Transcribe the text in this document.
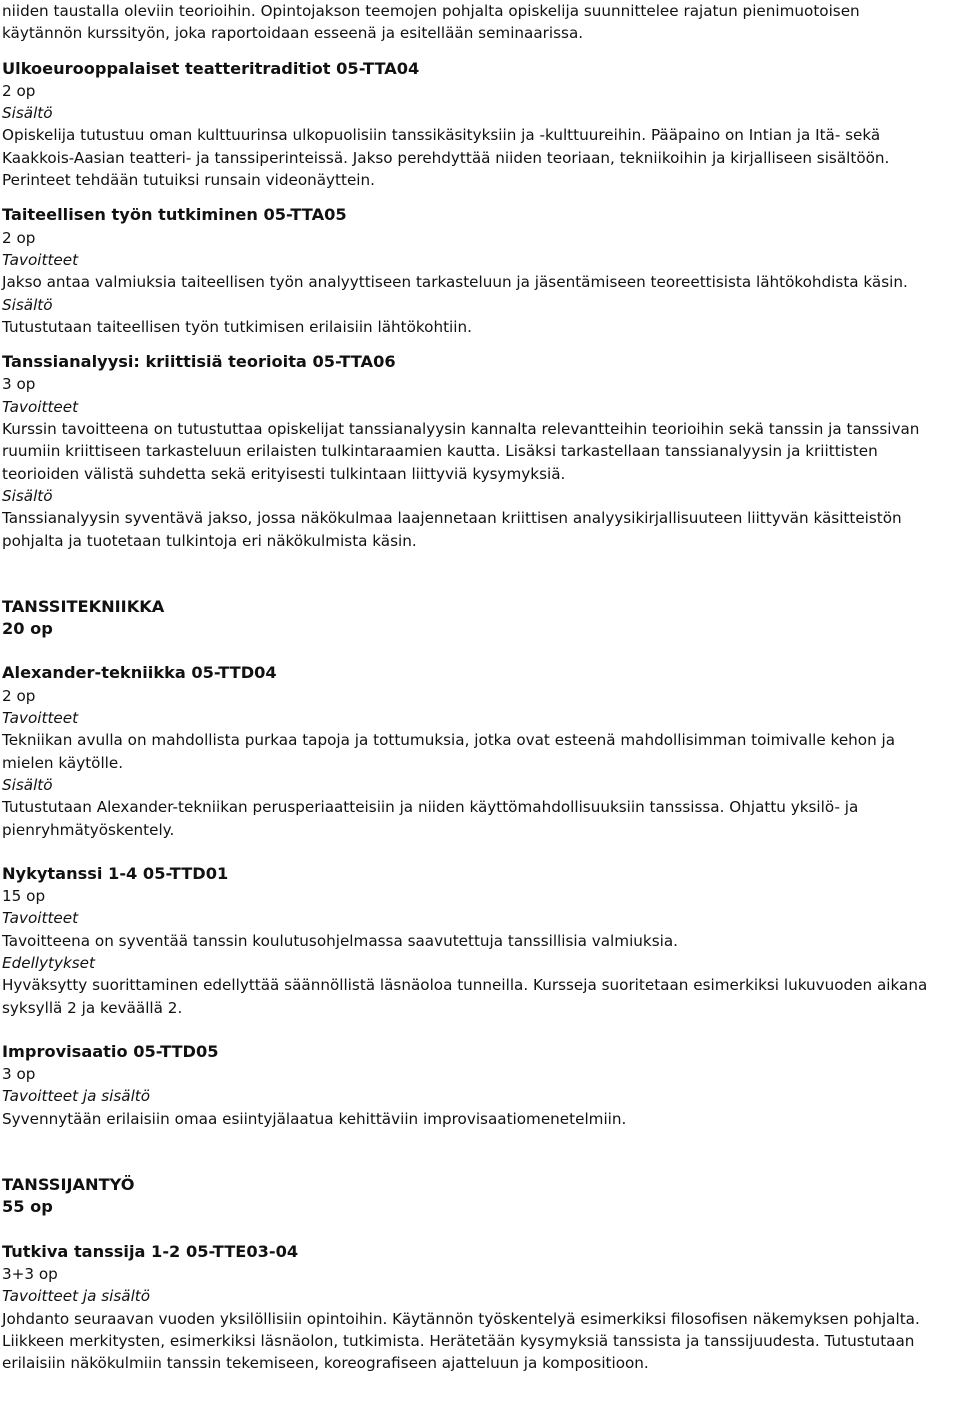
niiden taustalla oleviin teorioihin. Opintojakson teemojen pohjalta opiskelija suunnittelee rajatun pienimuotoisen

käytännön kurssityön, joka raportoidaan esseenä ja esitellään seminaarissa.

Ulkoeurooppalaiset teatteritraditiot 05-TTA04

2 op

Sisältö

Opiskelija tutustuu oman kulttuurinsa ulkopuolisiin tanssikäsityksiin ja -kulttuureihin. Pääpaino on Intian ja Itä- sekä

Kaakkois-Aasian teatteri- ja tanssiperinteissä. Jakso perehdyttää niiden teoriaan, tekniikoihin ja kirjalliseen sisältöön.

Perinteet tehdään tutuiksi runsain videonäyttein.

Taiteellisen työn tutkiminen 05-TTA05

2 op

Tavoitteet

Jakso antaa valmiuksia taiteellisen työn analyyttiseen tarkasteluun ja jäsentämiseen teoreettisista lähtökohdista käsin.

Sisältö

Tutustutaan taiteellisen työn tutkimisen erilaisiin lähtökohtiin.

Tanssianalyysi: kriittisiä teorioita 05-TTA06

3 op

Tavoitteet

Kurssin tavoitteena on tutustuttaa opiskelijat tanssianalyysin kannalta relevantteihin teorioihin sekä tanssin ja tanssivan

ruumiin kriittiseen tarkasteluun erilaisten tulkintaraamien kautta. Lisäksi tarkastellaan tanssianalyysin ja kriittisten

teorioiden välistä suhdetta sekä erityisesti tulkintaan liittyviä kysymyksiä.

Sisältö

Tanssianalyysin syventävä jakso, jossa näkökulmaa laajennetaan kriittisen analyysikirjallisuuteen liittyvän käsitteistön

pohjalta ja tuotetaan tulkintoja eri näkökulmista käsin.

TANSSITEKNIIKKA

20 op

Alexander-tekniikka 05-TTD04

2 op

Tavoitteet

Tekniikan avulla on mahdollista purkaa tapoja ja tottumuksia, jotka ovat esteenä mahdollisimman toimivalle kehon ja

mielen käytölle.

Sisältö

Tutustutaan Alexander-tekniikan perusperiaatteisiin ja niiden käyttömahdollisuuksiin tanssissa. Ohjattu yksilö- ja

pienryhmätyöskentely.

Nykytanssi 1-4 05-TTD01

15 op

Tavoitteet

Tavoitteena on syventää tanssin koulutusohjelmassa saavutettuja tanssillisia valmiuksia.

Edellytykset

Hyväksytty suorittaminen edellyttää säännöllistä läsnäoloa tunneilla. Kursseja suoritetaan esimerkiksi lukuvuoden aikana

syksyllä 2 ja keväällä 2.

Improvisaatio 05-TTD05

3 op

Tavoitteet ja sisältö

Syvennytään erilaisiin omaa esiintyjälaatua kehittäviin improvisaatiomenetelmiin.

TANSSIJANTYÖ

55 op

Tutkiva tanssija 1-2 05-TTE03-04

3+3 op

Tavoitteet ja sisältö

Johdanto seuraavan vuoden yksilöllisiin opintoihin. Käytännön työskentelyä esimerkiksi filosofisen näkemyksen pohjalta.

Liikkeen merkitysten, esimerkiksi läsnäolon, tutkimista. Herätetään kysymyksiä tanssista ja tanssijuudesta. Tutustutaan

erilaisiin näkökulmiin tanssin tekemiseen, koreografiseen ajatteluun ja kompositioon.
